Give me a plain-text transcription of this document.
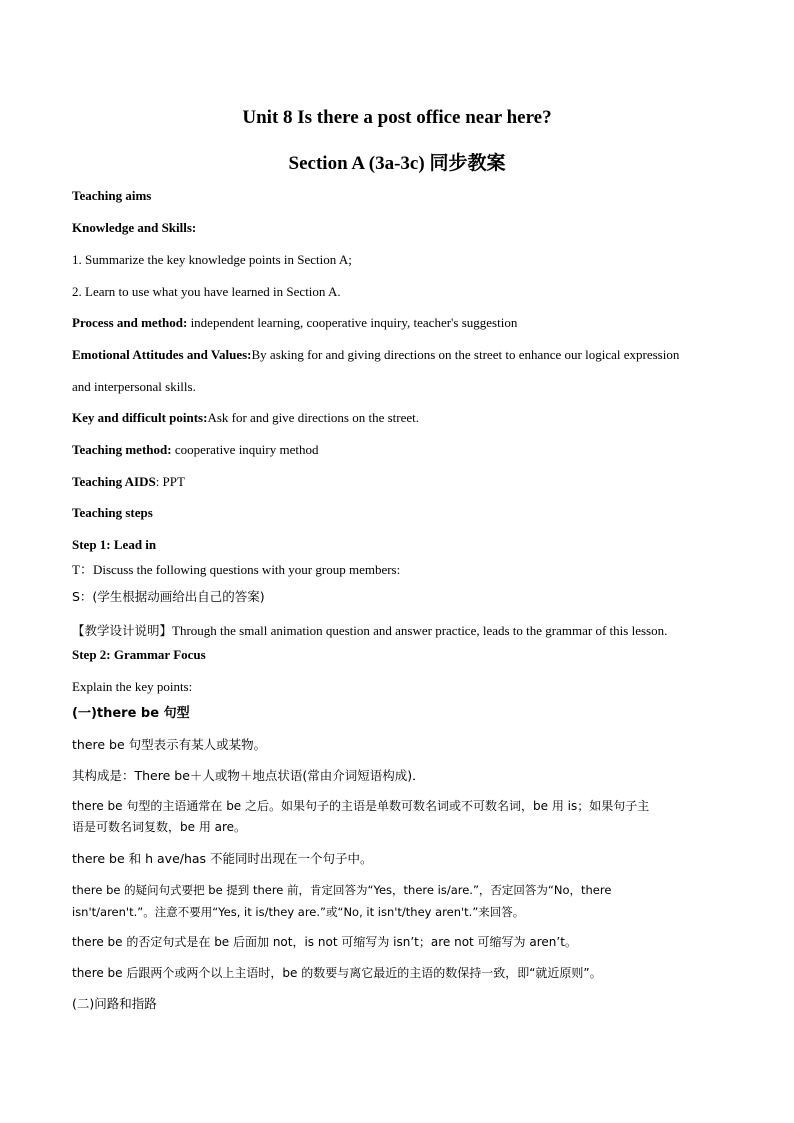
Unit 8 Is there a post office near here?
Section A (3a-3c) 同步教案
Teaching aims
Knowledge and Skills:
1. Summarize the key knowledge points in Section A;
2. Learn to use what you have learned in Section A.
Process and method: independent learning, cooperative inquiry, teacher's suggestion
Emotional Attitudes and Values:By asking for and giving directions on the street to enhance our logical expression
and interpersonal skills.
Key and difficult points:Ask for and give directions on the street.
Teaching method: cooperative inquiry method
Teaching AIDS: PPT
Teaching steps
Step 1: Lead in
T：Discuss the following questions with your group members:
S：(学生根据动画给出自己的答案)
【教学设计说明】Through the small animation question and answer practice, leads to the grammar of this lesson.
Step 2: Grammar Focus
Explain the key points:
(一)there be 句型
there be 句型表示有某人或某物。
其构成是：There be＋人或物＋地点状语(常由介词短语构成)．
there be 句型的主语通常在 be 之后。如果句子的主语是单数可数名词或不可数名词，be 用 is；如果句子主
语是可数名词复数，be 用 are。
there be 和 h ave/has 不能同时出现在一个句子中。
there be 的疑问句式要把 be 提到 there 前，肯定回答为“Yes，there is/are.”，否定回答为“No，there
isn't/aren't.”。注意不要用“Yes, it is/they are.”或“No, it isn't/they aren't.”来回答。
there be 的否定句式是在 be 后面加 not，is not 可缩写为 isn’t；are not 可缩写为 aren’t。
there be 后跟两个或两个以上主语时，be 的数要与离它最近的主语的数保持一致，即“就近原则”。
(二)问路和指路
